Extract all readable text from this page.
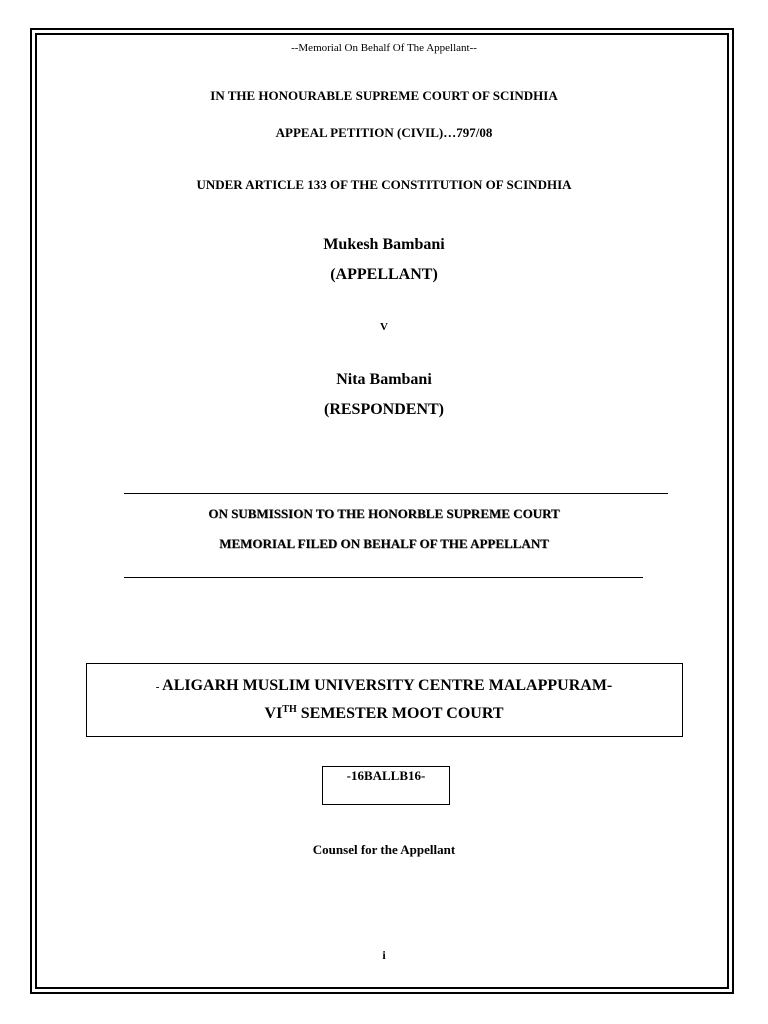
--Memorial On Behalf Of The Appellant--
IN THE HONOURABLE SUPREME COURT OF SCINDHIA
APPEAL PETITION (CIVIL)…797/08
UNDER ARTICLE 133 OF THE CONSTITUTION OF SCINDHIA
Mukesh Bambani
(APPELLANT)
V
Nita Bambani
(RESPONDENT)
ON SUBMISSION TO THE HONORBLE SUPREME COURT
MEMORIAL FILED ON BEHALF OF THE APPELLANT
- ALIGARH MUSLIM UNIVERSITY CENTRE MALAPPURAM-
VITH SEMESTER MOOT COURT
-16BALLB16-
Counsel for the Appellant
i
